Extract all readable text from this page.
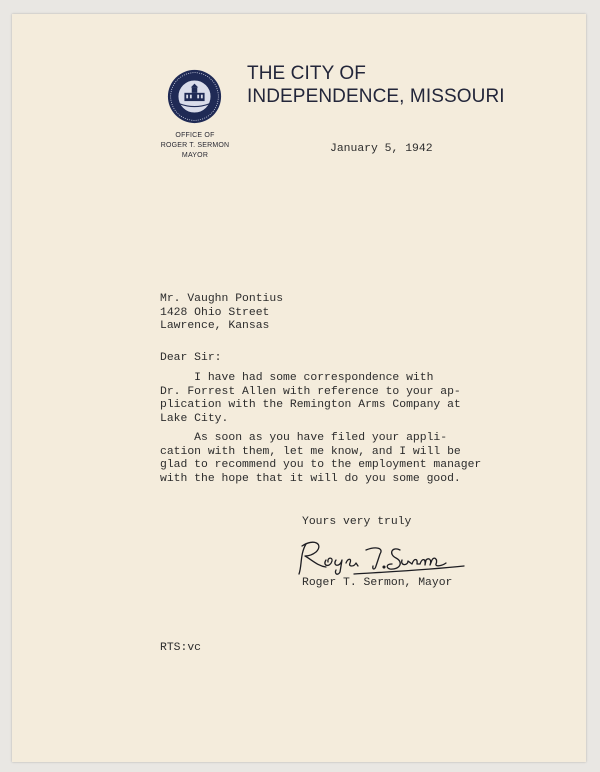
THE CITY OF
INDEPENDENCE, MISSOURI
OFFICE OF
ROGER T. SERMON
MAYOR
January 5, 1942
Mr. Vaughn Pontius
1428 Ohio Street
Lawrence, Kansas
Dear Sir:
I have had some correspondence with
Dr. Forrest Allen with reference to your ap-
plication with the Remington Arms Company at
Lake City.
As soon as you have filed your appli-
cation with them, let me know, and I will be
glad to recommend you to the employment manager
with the hope that it will do you some good.
Yours very truly
Roger T. Sermon, Mayor
RTS:vc
